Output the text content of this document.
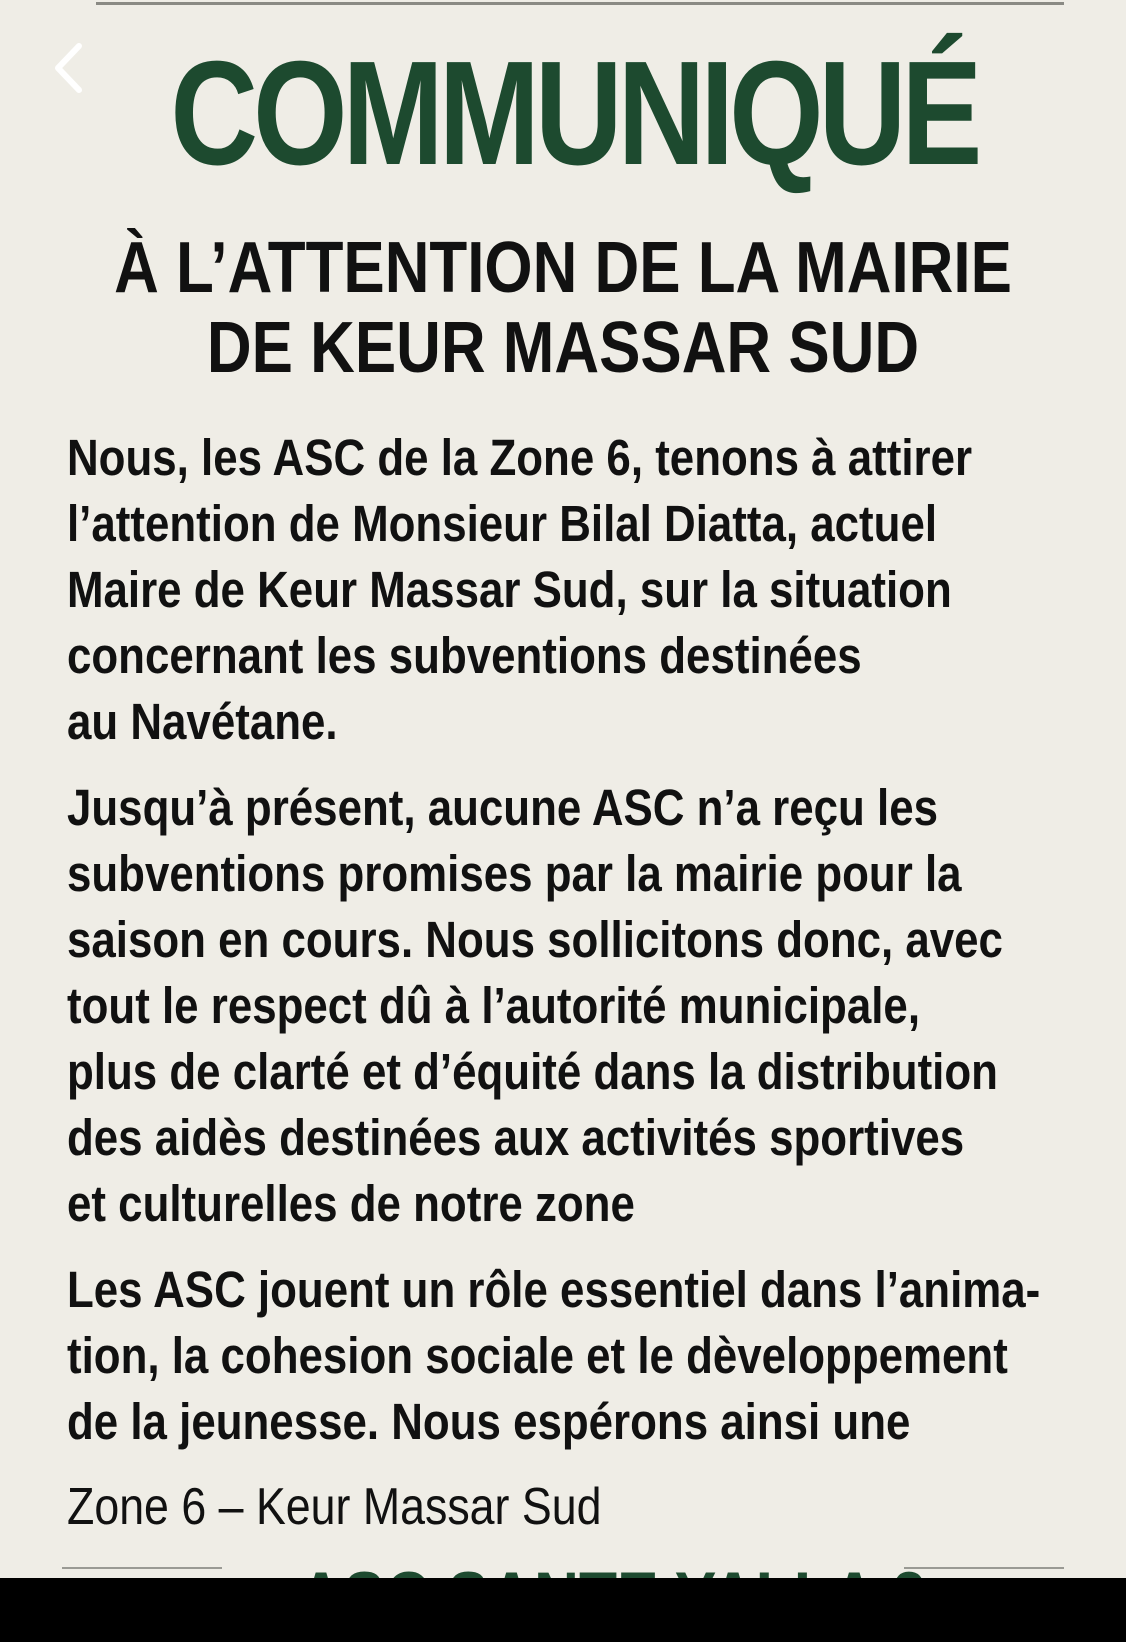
COMMUNIQUÉ
À L’ATTENTION DE LA MAIRIE
DE KEUR MASSAR SUD

Nous, les ASC de la Zone 6, tenons à attirer
l’attention de Monsieur Bilal Diatta, actuel
Maire de Keur Massar Sud, sur la situation
concernant les subventions destinées
au Navétane.

Jusqu’à présent, aucune ASC n’a reçu les
subventions promises par la mairie pour la
saison en cours. Nous sollicitons donc, avec
tout le respect dû à l’autorité municipale,
plus de clarté et d’équité dans la distribution
des aidès destinées aux activités sportives
et culturelles de notre zone

Les ASC jouent un rôle essentiel dans l’anima-
tion, la cohesion sociale et le dèveloppement
de la jeunesse. Nous espérons ainsi une

Zone 6 – Keur Massar Sud
